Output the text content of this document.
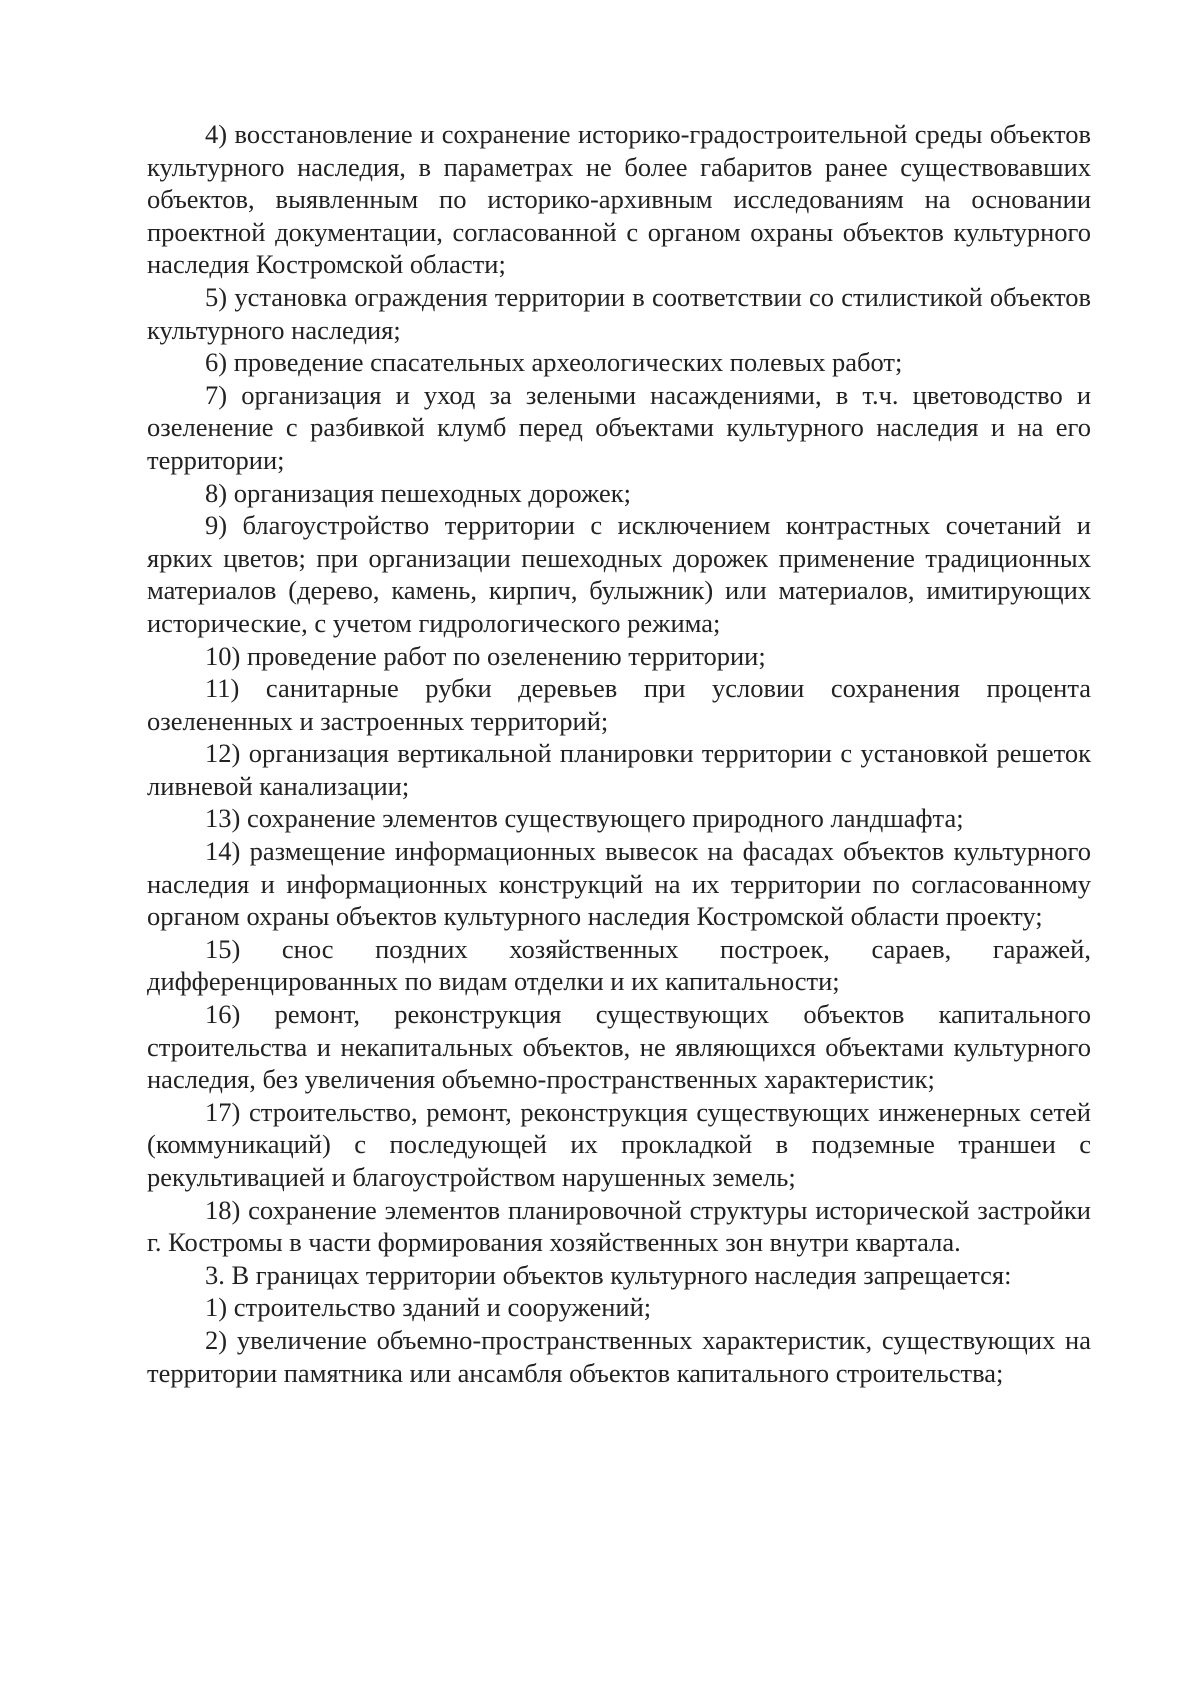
4) восстановление и сохранение историко-градостроительной среды объектов культурного наследия, в параметрах не более габаритов ранее существовавших объектов, выявленным по историко-архивным исследованиям на основании проектной документации, согласованной с органом охраны объектов культурного наследия Костромской области;

5) установка ограждения территории в соответствии со стилистикой объектов культурного наследия;

6) проведение спасательных археологических полевых работ;

7) организация и уход за зелеными насаждениями, в т.ч. цветоводство и озеленение с разбивкой клумб перед объектами культурного наследия и на его территории;

8) организация пешеходных дорожек;

9) благоустройство территории с исключением контрастных сочетаний и ярких цветов; при организации пешеходных дорожек применение традиционных материалов (дерево, камень, кирпич, булыжник) или материалов, имитирующих исторические, с учетом гидрологического режима;

10) проведение работ по озеленению территории;

11) санитарные рубки деревьев при условии сохранения процента озелененных и застроенных территорий;

12) организация вертикальной планировки территории с установкой решеток ливневой канализации;

13) сохранение элементов существующего природного ландшафта;

14) размещение информационных вывесок на фасадах объектов культурного наследия и информационных конструкций на их территории по согласованному органом охраны объектов культурного наследия Костромской области проекту;

15) снос поздних хозяйственных построек, сараев, гаражей, дифференцированных по видам отделки и их капитальности;

16) ремонт, реконструкция существующих объектов капитального строительства и некапитальных объектов, не являющихся объектами культурного наследия, без увеличения объемно-пространственных характеристик;

17) строительство, ремонт, реконструкция существующих инженерных сетей (коммуникаций) с последующей их прокладкой в подземные траншеи с рекультивацией и благоустройством нарушенных земель;

18) сохранение элементов планировочной структуры исторической застройки г. Костромы в части формирования хозяйственных зон внутри квартала.

3. В границах территории объектов культурного наследия запрещается:

1) строительство зданий и сооружений;

2) увеличение объемно-пространственных характеристик, существующих на территории памятника или ансамбля объектов капитального строительства;
